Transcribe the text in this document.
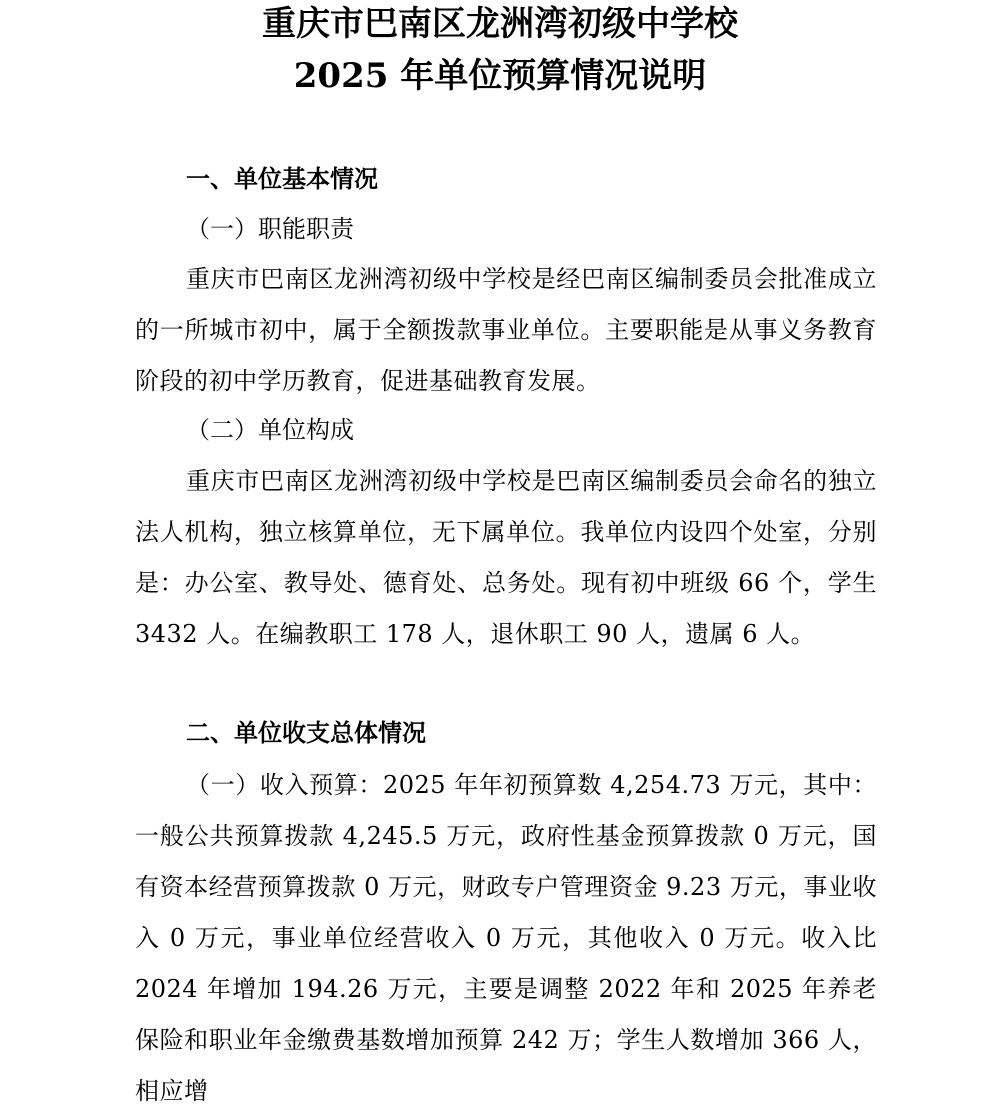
重庆市巴南区龙洲湾初级中学校
2025 年单位预算情况说明
一、单位基本情况
（一）职能职责

重庆市巴南区龙洲湾初级中学校是经巴南区编制委员会批准成立的一所城市初中，属于全额拨款事业单位。主要职能是从事义务教育阶段的初中学历教育，促进基础教育发展。

（二）单位构成

重庆市巴南区龙洲湾初级中学校是巴南区编制委员会命名的独立法人机构，独立核算单位，无下属单位。我单位内设四个处室，分别是：办公室、教导处、德育处、总务处。现有初中班级 66 个，学生 3432 人。在编教职工 178 人，退休职工 90 人，遗属 6 人。

二、单位收支总体情况

（一）收入预算：2025 年年初预算数 4,254.73 万元，其中：一般公共预算拨款 4,245.5 万元，政府性基金预算拨款 0 万元，国有资本经营预算拨款 0 万元，财政专户管理资金 9.23 万元，事业收入 0 万元，事业单位经营收入 0 万元，其他收入 0 万元。收入比 2024 年增加 194.26 万元，主要是调整 2022 年和 2025 年养老保险和职业年金缴费基数增加预算 242 万；学生人数增加 366 人，相应增
